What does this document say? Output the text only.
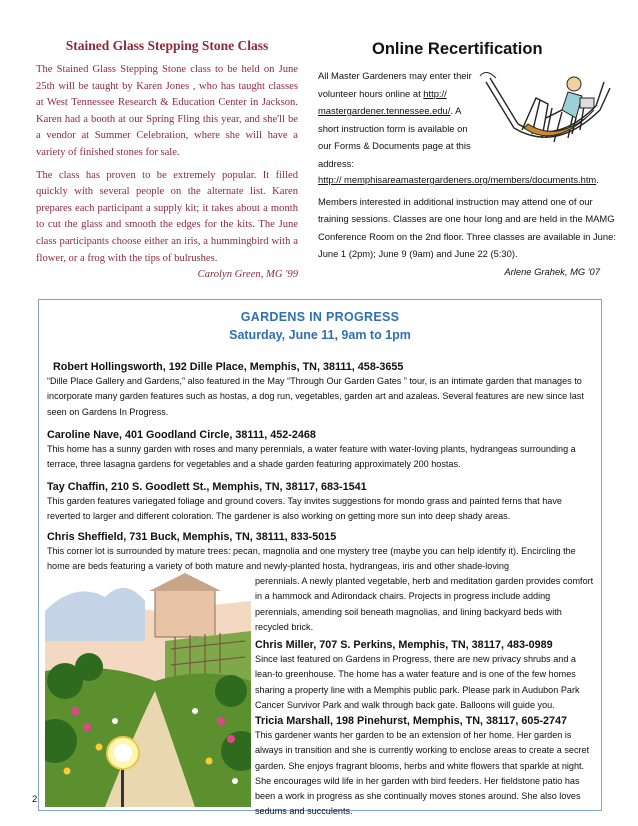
Stained Glass Stepping Stone Class

The Stained Glass Stepping Stone class to be held on June 25th will be taught by Karen Jones , who has taught classes at West Tennessee Research & Education Center in Jackson. Karen had a booth at our Spring Fling this year, and she'll be a vendor at Summer Celebration, where she will have a variety of finished stones for sale.

The class has proven to be extremely popular. It filled quickly with several people on the alternate list. Karen prepares each participant a supply kit; it takes about a month to cut the glass and smooth the edges for the kits. The June class participants choose either an iris, a hummingbird with a flower, or a frog with the tips of bulrushes.
Carolyn Green, MG '99

Online Recertification

All Master Gardeners may enter their volunteer hours online at http:// mastergardener.tennessee.edu/. A short instruction form is available on our Forms & Documents page at this address:

http:// memphisareamastergardeners.org/members/documents.htm.

Members interested in additional instruction may attend one of our training sessions. Classes are one hour long and are held in the MAMG Conference Room on the 2nd floor. Three classes are available in June: June 1 (2pm); June 9 (9am) and June 22 (5:30).
Arlene Grahek, MG '07

GARDENS IN PROGRESS
Saturday, June 11, 9am to 1pm
Robert Hollingsworth, 192 Dille Place, Memphis, TN, 38111, 458-3655
“Dille Place Gallery and Gardens,” also featured in the May “Through Our Garden Gates ” tour, is an intimate garden that manages to incorporate many garden features such as hostas, a dog run, vegetables, garden art and azaleas. Several features are new since last seen on Gardens In Progress.
Caroline Nave, 401 Goodland Circle, 38111, 452-2468
This home has a sunny garden with roses and many perennials, a water feature with water-loving plants, hydrangeas surrounding a terrace, three lasagna gardens for vegetables and a shade garden featuring approximately 200 hostas.
Tay Chaffin, 210 S. Goodlett St., Memphis, TN, 38117, 683-1541
This garden features variegated foliage and ground covers. Tay invites suggestions for mondo grass and painted ferns that have reverted to larger and different coloration. The gardener is also working on getting more sun into deep shady areas.
Chris Sheffield, 731 Buck, Memphis, TN, 38111, 833-5015
This corner lot is surrounded by mature trees: pecan, magnolia and one mystery tree (maybe you can help identify it). Encircling the home are beds featuring a variety of both mature and newly-planted hosta, hydrangeas, iris and other shade-loving
perennials. A newly planted vegetable, herb and meditation garden provides comfort in a hammock and Adirondack chairs. Projects in progress include adding perennials, amending soil beneath magnolias, and lining backyard beds with recycled brick.
Chris Miller, 707 S. Perkins, Memphis, TN, 38117, 483-0989
Since last featured on Gardens in Progress, there are new privacy shrubs and a lean-to greenhouse. The home has a water feature and is one of the few homes sharing a property line with a Memphis public park. Please park in Audubon Park Cancer Survivor Park and walk through back gate. Balloons will guide you.
Tricia Marshall, 198 Pinehurst, Memphis, TN, 38117, 605-2747
This gardener wants her garden to be an extension of her home. Her garden is always in transition and she is currently working to enclose areas to create a secret garden. She enjoys fragrant blooms, herbs and white flowers that sparkle at night. She encourages wild life in her garden with bird feeders. Her fieldstone patio has been a work in progress as she continually moves stones around. She also loves sedums and succulents.
2
